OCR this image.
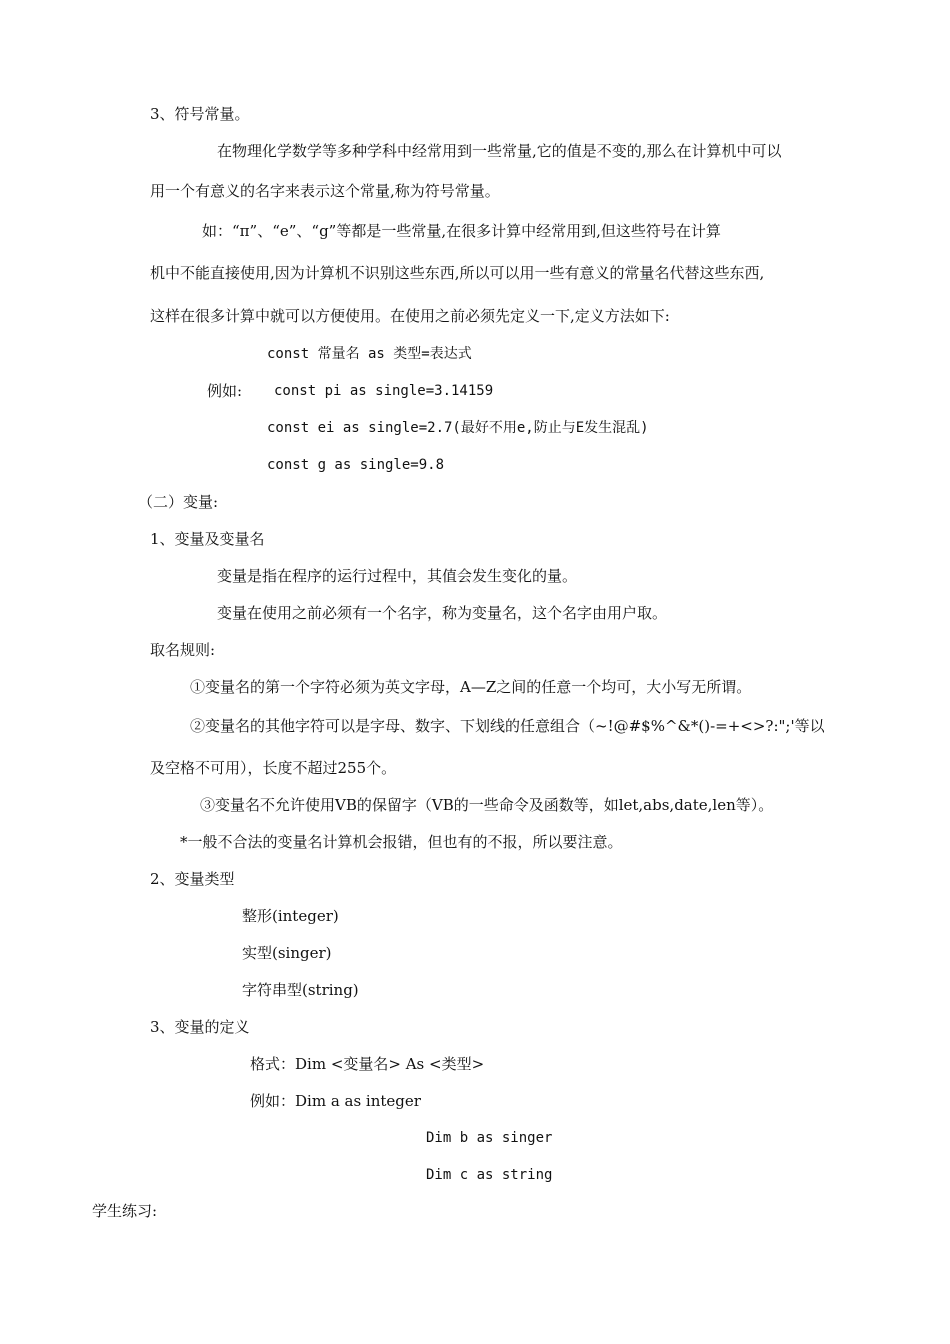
3、符号常量。
在物理化学数学等多种学科中经常用到一些常量,它的值是不变的,那么在计算机中可以
用一个有意义的名字来表示这个常量,称为符号常量。
如：“π”、“e”、“g”等都是一些常量,在很多计算中经常用到,但这些符号在计算
机中不能直接使用,因为计算机不识别这些东西,所以可以用一些有意义的常量名代替这些东西,
这样在很多计算中就可以方便使用。在使用之前必须先定义一下,定义方法如下:
const 常量名 as 类型=表达式
例如: const pi as single=3.14159
const ei as single=2.7(最好不用e,防止与E发生混乱)
const g as single=9.8
（二）变量:
1、变量及变量名
变量是指在程序的运行过程中，其值会发生变化的量。
变量在使用之前必须有一个名字，称为变量名，这个名字由用户取。
取名规则:
①变量名的第一个字符必须为英文字母，A—Z之间的任意一个均可，大小写无所谓。
②变量名的其他字符可以是字母、数字、下划线的任意组合（~!@#$%^&*()-=+<>?:";'等以
及空格不可用），长度不超过255个。
③变量名不允许使用VB的保留字（VB的一些命令及函数等，如let,abs,date,len等）。
*一般不合法的变量名计算机会报错，但也有的不报，所以要注意。
2、变量类型
整形(integer)
实型(singer)
字符串型(string)
3、变量的定义
格式：Dim <变量名> As <类型>
例如：Dim a as integer
Dim b as singer
Dim c as string
学生练习:
